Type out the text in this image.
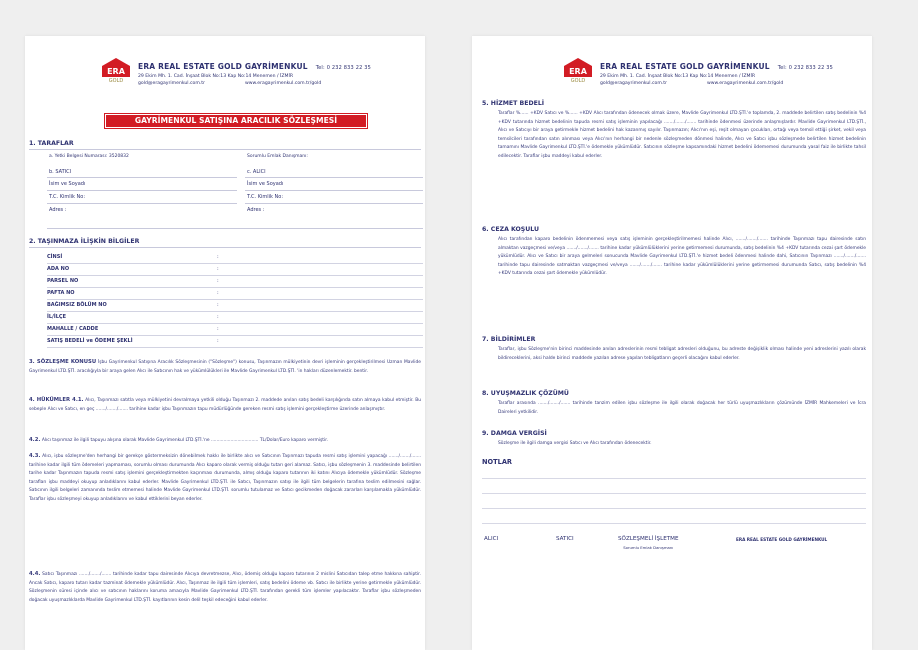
ERA
GOLD
ERA REAL ESTATE GOLD GAYRİMENKUL Tel: 0 232 833 22 35
29 Ekim Mh. 1. Cad. İnşaat Blok No:13 Kap No:14 Menemen / İZMİR
gold@eragayrimenkul.com.tr	www.eragayrimenkul.com.tr/gold
GAYRİMENKUL SATIŞINA ARACILIK SÖZLEŞMESİ
1. TARAFLAR
a. Yetki Belgesi Numarası: 3520832	Sorumlu Emlak Danışmanı:
b. SATICI	c. ALICI
İsim ve Soyadı	İsim ve Soyadı
T.C. Kimlik No:	T.C. Kimlik No:
Adres :	Adres :
2. TAŞINMAZA İLİŞKİN BİLGİLER
CİNSİ	:
ADA NO	:
PARSEL NO	:
PAFTA NO	:
BAĞIMSIZ BÖLÜM NO	:
İL/İLÇE	:
MAHALLE / CADDE	:
SATIŞ BEDELİ ve ÖDEME ŞEKLİ	:
3. SÖZLEŞME KONUSU İşbu Gayrimenkul Satışına Aracılık Sözleşmesinin ("Sözleşme") konusu, Taşınmazın mülkiyetinin devri işleminin gerçekleştirilmesi Uzman Mavlide Gayrimenkul LTD.ŞTİ. aracılığıyla bir araya gelen Alıcı ile Satıcının hak ve yükümlülükleri ile Mavlide Gayrimenkul LTD.ŞTİ. 'in hakları düzenlemektir. bentir.
4. HÜKÜMLER 4.1. Alıcı, Taşınmazı satıtla veya mülkiyetini devralmaya yetkili olduğu Taşınmazı 2. maddede anılan satış bedeli karşılığında satın almaya kabul etmiştir. Bu sebeple Alıcı ve Satıcı, en geç ......./......./....... tarihine kadar işbu Taşınmazın tapu müdürlüğünde gereken resmi satış işlemini gerçekleştirme üzerinde anlaşmıştır.
4.2. Alıcı taşınmaz ile ilgili tapuyu alışına olarak Mavlide Gayrimenkul LTD.ŞTİ.'ne .................................. TL/Dolar/Euro kaparo vermiştir.
4.3. Alıcı, işbu sözleşme'den herhangi bir gerekçe göstermeksizin dönebilmek hakkı ile birlikte alıcı ve Satıcının Taşınmazı tapuda resmi satış işlemini yapacağı ......./......./....... tarihine kadar ilgili tüm ödemeleri yapmaması, sorumlu olması durumunda Alıcı kaparo olarak vermiş olduğu tutarı geri alamaz. Satıcı, işbu sözleşmenin 3. maddesinde belirtilen tarihe kadar Taşınmazın tapuda resmi satış işlemini gerçekleştirmekten kaçınması durumunda, almış olduğu kaparo tutarının iki katını Alıcıya ödemekle yükümlüdür. Sözleşme tarafları işbu maddeyi okuyup anladıklarını kabul ederler. Mavlide Gayrimenkul LTD.ŞTİ. ile Satıcı, Taşınmazın satışı ile ilgili tüm belgelerin tarafına teslim edilmesini sağlar. Satıcının ilgili belgeleri zamanında teslim etmemesi halinde Mavlide Gayrimenkul LTD.ŞTİ. sorumlu tutulamaz ve Satıcı gecikmeden doğacak zararları karşılamakla yükümlüdür. Taraflar işbu sözleşmeyi okuyup anladıklarını ve kabul ettiklerini beyan ederler.
4.4. Satıcı Taşınmazı ......./......./....... tarihinde kadar tapu dairesinde Alıcıya devretmezse, Alıcı, ödemiş olduğu kaparo tutarının 2 mislini Satıcıdan talep etme hakkına sahiptir. Ancak Satıcı, kaparo tutarı kadar tazminat ödemekle yükümlüdür. Alıcı, Taşınmaz ile ilgili tüm işlemleri, satış bedelini ödeme vb. Satıcı ile birlikte yerine getirmekle yükümlüdür. Sözleşmenin süresi içinde alıcı ve satıcının haklarını koruma amacıyla Mavlide Gayrimenkul LTD.ŞTİ. tarafından gerekli tüm işlemler yapılacaktır. Taraflar işbu sözleşmeden doğacak uyuşmazlıklarda Mavlide Gayrimenkul LTD.ŞTİ. kayıtlarının kesin delil teşkil edeceğini kabul ederler.
ERA
GOLD
ERA REAL ESTATE GOLD GAYRİMENKUL Tel: 0 232 833 22 35
29 Ekim Mh. 1. Cad. İnşaat Blok No:13 Kap No:14 Menemen / İZMİR
gold@eragayrimenkul.com.tr	www.eragayrimenkul.com.tr/gold
5. HİZMET BEDELİ
Taraflar %...... +KDV Satıcı ve %...... +KDV Alıcı tarafından ödenecek olmak üzere, Mavlide Gayrimenkul LTD.ŞTİ.'e toplamda, 2. maddede belirtilen satış bedelinin %4 +KDV tutarında hizmet bedelinin tapuda resmi satış işleminin yapılacağı ......./......./....... tarihinde ödenmesi üzerinde anlaşmışlardır. Mavlide Gayrimenkul LTD.ŞTİ., Alıcı ve Satıcıyı bir araya getirmekle hizmet bedelini hak kazanmış sayılır. Taşınmazın; Alıcı'nın eşi, reşit olmayan çocukları, ortağı veya temsil ettiği şirket, vekil veya temsilcileri tarafından satın alınması veya Alıcı'nın herhangi bir nedenle sözleşmeden dönmesi halinde, Alıcı ve Satıcı işbu sözleşmede belirtilen hizmet bedelinin tamamını Mavlide Gayrimenkul LTD.ŞTİ.'e ödemekle yükümlüdür. Satıcının sözleşme kapsamındaki hizmet bedelini ödememesi durumunda yasal faiz ile birlikte tahsil edilecektir. Taraflar işbu maddeyi kabul ederler.
6. CEZA KOŞULU
Alıcı tarafından kaparo bedelinin ödenmemesi veya satış işleminin gerçekleştirilmemesi halinde Alıcı, ......./......./....... tarihinde Taşınmazı tapu dairesinde satın almaktan vazgeçmesi ve/veya ......./......./....... tarihine kadar yükümlülüklerini yerine getirmemesi durumunda, satış bedelinin %4 +KDV tutarında cezai şart ödemekle yükümlüdür. Alıcı ve Satıcı bir araya gelmeleri sonucunda Mavlide Gayrimenkul LTD.ŞTİ.'e hizmet bedeli ödenmesi halinde dahi, Satıcının Taşınmazı ......./......./....... tarihinde tapu dairesinde satmaktan vazgeçmesi ve/veya ......./......./....... tarihine kadar yükümlülüklerini yerine getirmemesi durumunda Satıcı, satış bedelinin %4 +KDV tutarında cezai şart ödemekle yükümlüdür.
7. BİLDİRİMLER
Taraflar, işbu Sözleşme'nin birinci maddesinde anılan adreslerinin resmi tebligat adresleri olduğunu, bu adreste değişiklik olması halinde yeni adreslerini yazılı olarak bildireceklerini, aksi halde birinci maddede yazılan adrese yapılan tebligatların geçerli olacağını kabul ederler.
8. UYUŞMAZLIK ÇÖZÜMÜ
Taraflar arasında ......./......./....... tarihinde tanzim edilen işbu sözleşme ile ilgili olarak doğacak her türlü uyuşmazlıkların çözümünde İZMİR Mahkemeleri ve İcra Daireleri yetkilidir.
9. DAMGA VERGİSİ
Sözleşme ile ilgili damga vergisi Satıcı ve Alıcı tarafından ödenecektir.
NOTLAR
ALICI	SATICI	SÖZLEŞMELİ İŞLETME
Sorumlu Emlak Danışmanı
ERA REAL ESTATE GOLD GAYRİMENKUL
